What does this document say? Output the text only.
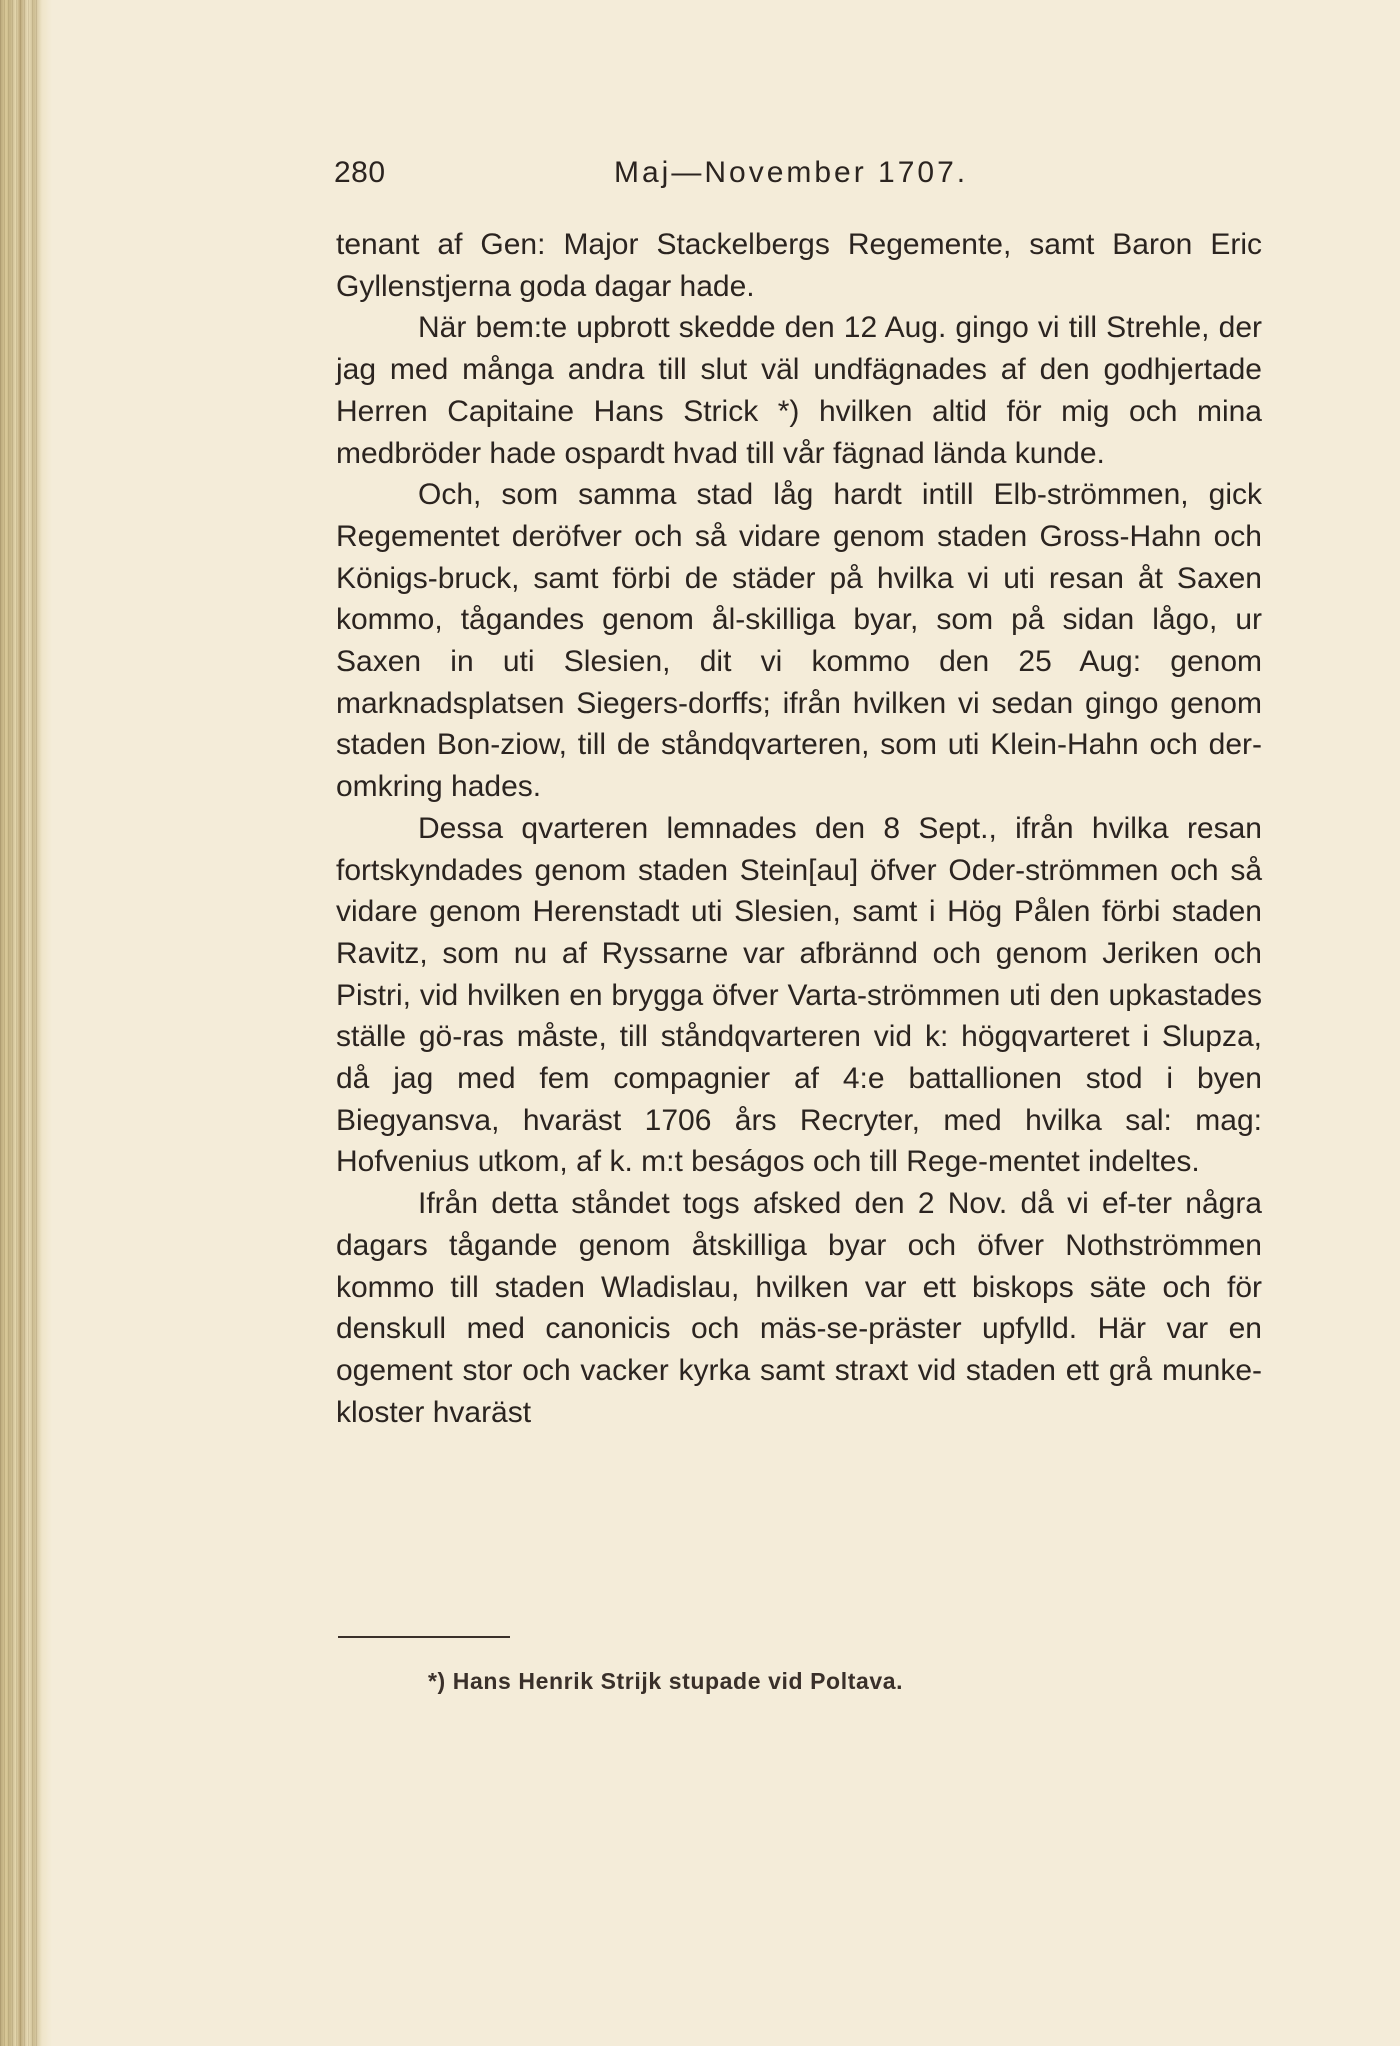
280	Maj—November 1707.

tenant af Gen: Major Stackelbergs Regemente, samt Baron Eric Gyllenstjerna goda dagar hade.

När bem:te upbrott skedde den 12 Aug. gingo vi till Strehle, der jag med många andra till slut väl undfägnades af den godhjertade Herren Capitaine Hans Strick *) hvilken altid för mig och mina medbröder hade ospardt hvad till vår fägnad lända kunde.

Och, som samma stad låg hardt intill Elb-strömmen, gick Regementet deröfver och så vidare genom staden Gross-Hahn och Königs-bruck, samt förbi de städer på hvilka vi uti resan åt Saxen kommo, tågandes genom ål-skilliga byar, som på sidan lågo, ur Saxen in uti Slesien, dit vi kommo den 25 Aug: genom marknadsplatsen Siegers-dorffs; ifrån hvilken vi sedan gingo genom staden Bon-ziow, till de ståndqvarteren, som uti Klein-Hahn och der-omkring hades.

Dessa qvarteren lemnades den 8 Sept., ifrån hvilka resan fortskyndades genom staden Stein[au] öfver Oder-strömmen och så vidare genom Herenstadt uti Slesien, samt i Hög Pålen förbi staden Ravitz, som nu af Ryssarne var afbrännd och genom Jeriken och Pistri, vid hvilken en brygga öfver Varta-strömmen uti den upkastades ställe gö-ras måste, till ståndqvarteren vid k: högqvarteret i Slupza, då jag med fem compagnier af 4:e battallionen stod i byen Biegyansva, hvaräst 1706 års Recryter, med hvilka sal: mag: Hofvenius utkom, af k. m:t beságos och till Rege-mentet indeltes.

Ifrån detta ståndet togs afsked den 2 Nov. då vi ef-ter några dagars tågande genom åtskilliga byar och öfver Nothströmmen kommo till staden Wladislau, hvilken var ett biskops säte och för denskull med canonicis och mäs-se-präster upfylld. Här var en ogement stor och vacker kyrka samt straxt vid staden ett grå munke-kloster hvaräst

*) Hans Henrik Strijk stupade vid Poltava.
